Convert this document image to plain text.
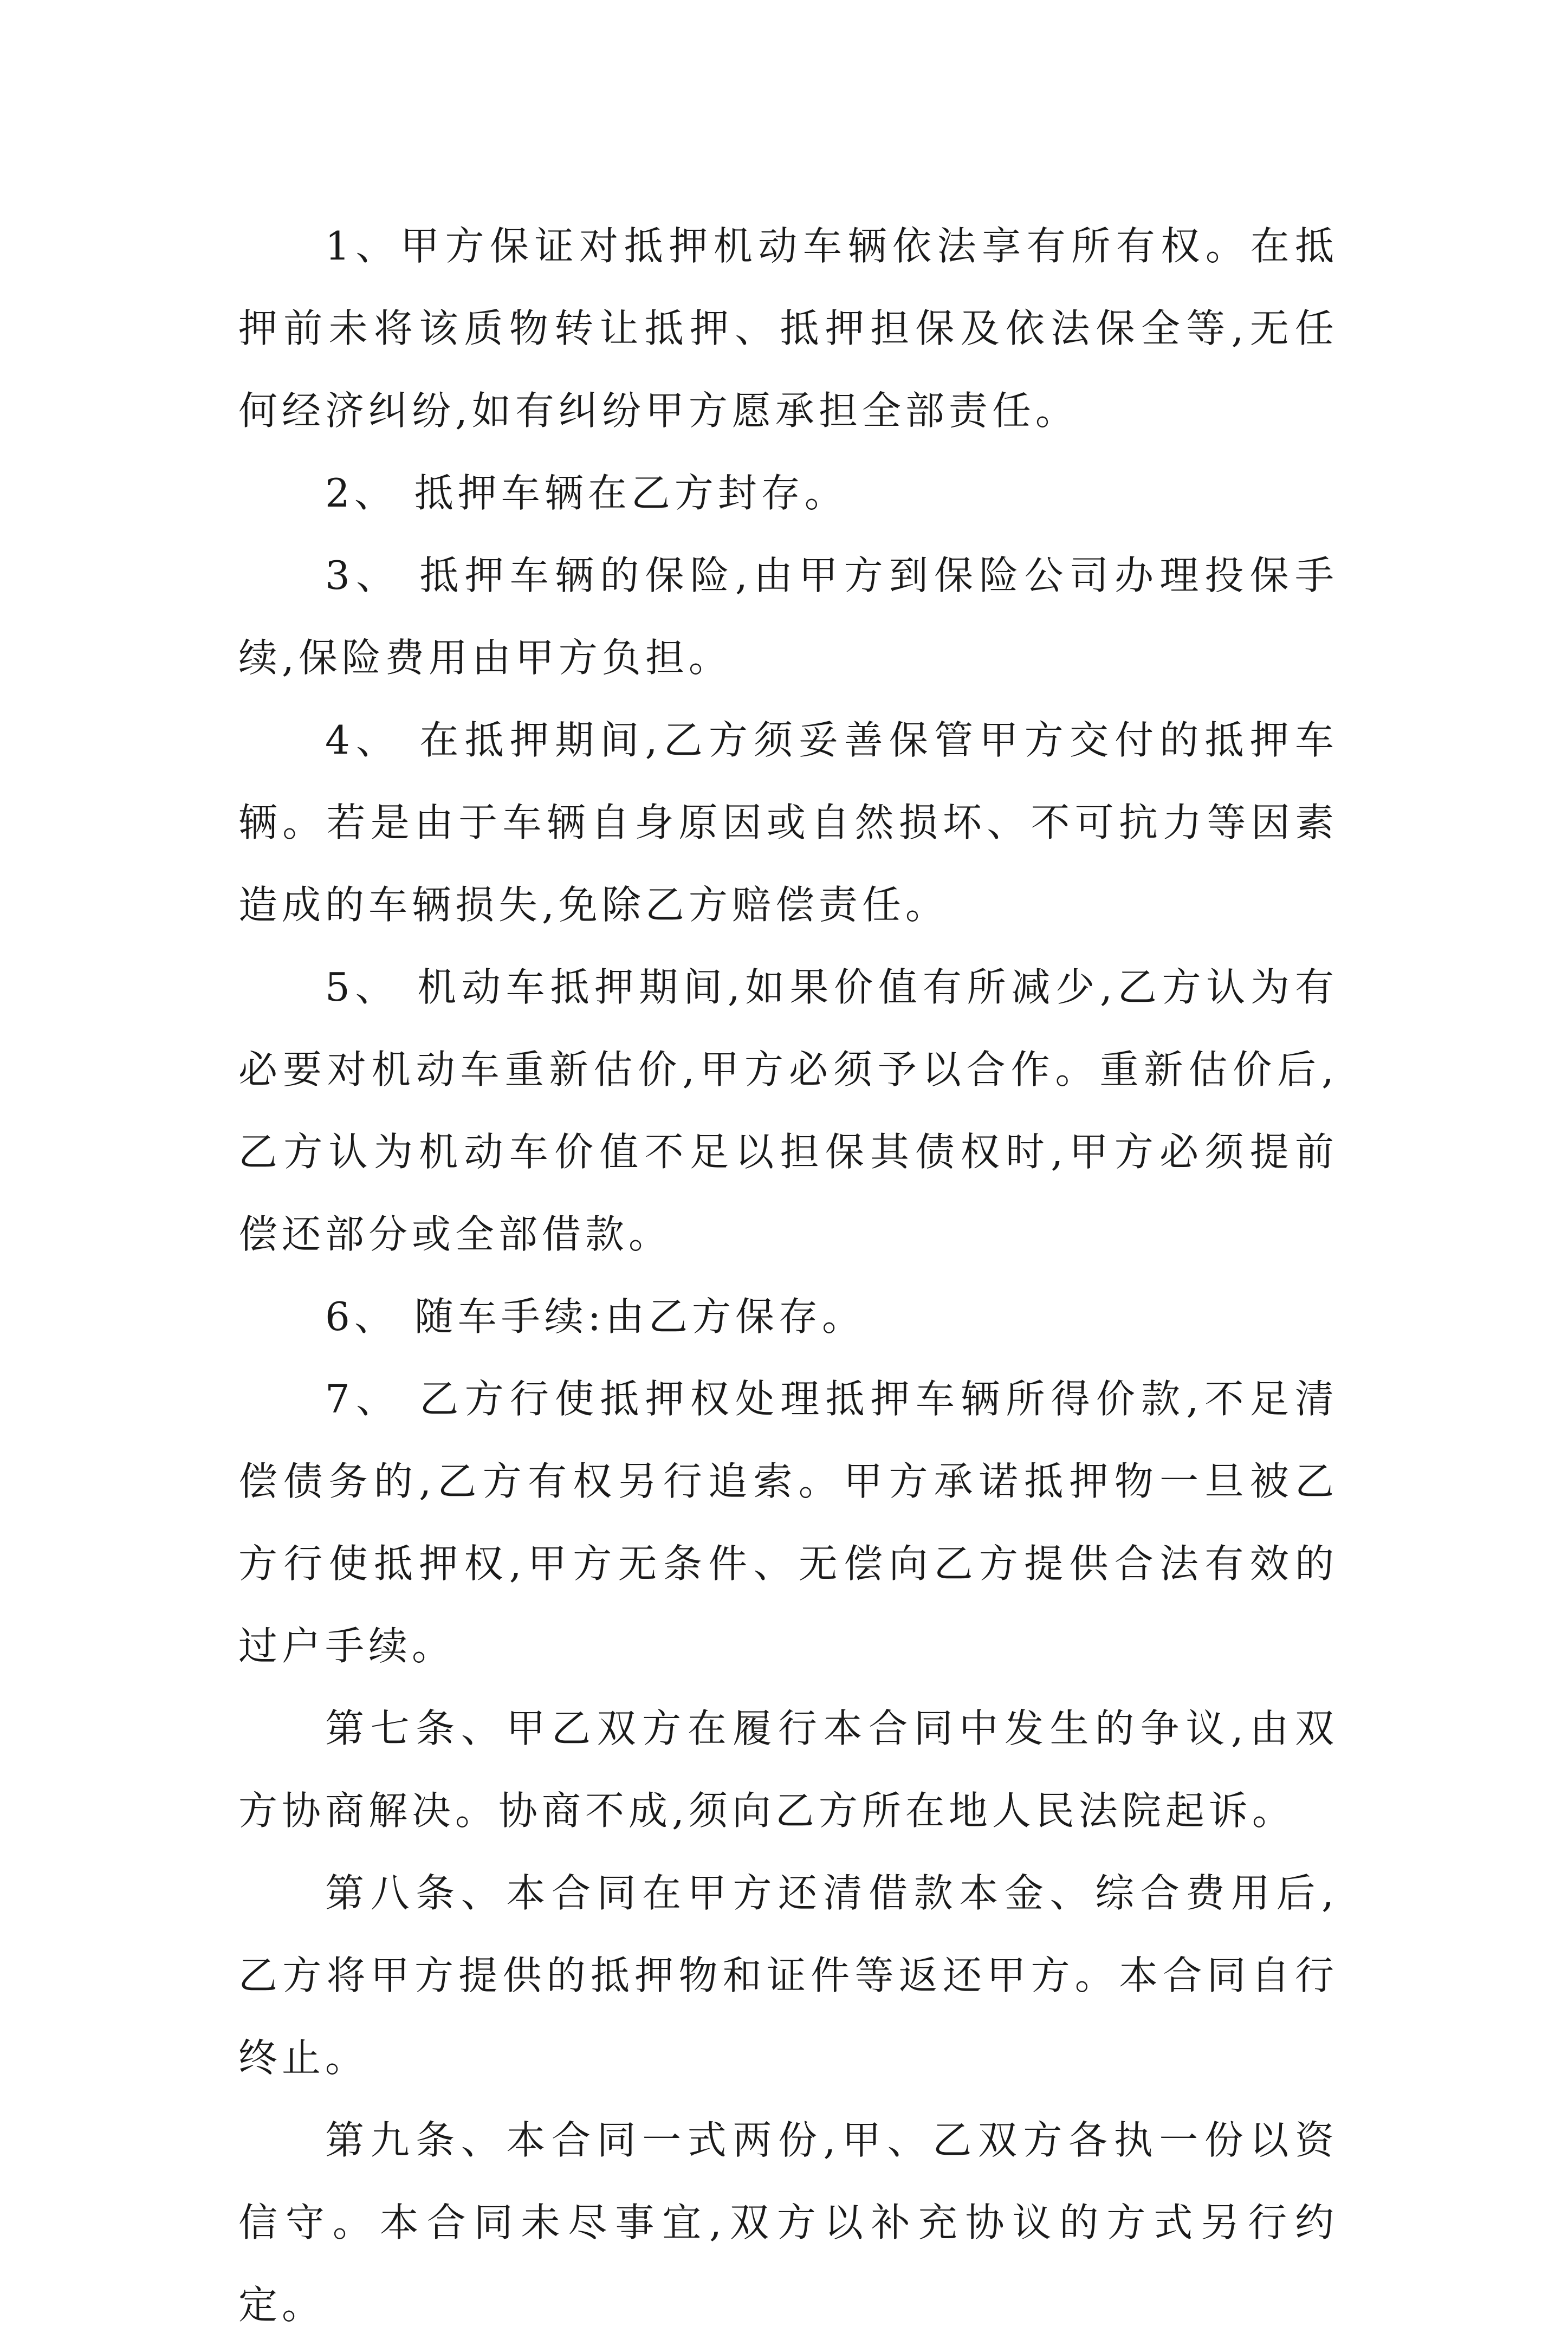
1、甲方保证对抵押机动车辆依法享有所有权。在抵押前未将该质物转让抵押、抵押担保及依法保全等,无任何经济纠纷,如有纠纷甲方愿承担全部责任。

2、 抵押车辆在乙方封存。

3、 抵押车辆的保险,由甲方到保险公司办理投保手续,保险费用由甲方负担。

4、 在抵押期间,乙方须妥善保管甲方交付的抵押车辆。若是由于车辆自身原因或自然损坏、不可抗力等因素造成的车辆损失,免除乙方赔偿责任。

5、 机动车抵押期间,如果价值有所减少,乙方认为有必要对机动车重新估价,甲方必须予以合作。重新估价后,乙方认为机动车价值不足以担保其债权时,甲方必须提前偿还部分或全部借款。

6、 随车手续:由乙方保存。

7、 乙方行使抵押权处理抵押车辆所得价款,不足清偿债务的,乙方有权另行追索。甲方承诺抵押物一旦被乙方行使抵押权,甲方无条件、无偿向乙方提供合法有效的过户手续。

第七条、甲乙双方在履行本合同中发生的争议,由双方协商解决。协商不成,须向乙方所在地人民法院起诉。

第八条、本合同在甲方还清借款本金、综合费用后,乙方将甲方提供的抵押物和证件等返还甲方。本合同自行终止。

第九条、本合同一式两份,甲、乙双方各执一份以资信守。本合同未尽事宜,双方以补充协议的方式另行约定。
